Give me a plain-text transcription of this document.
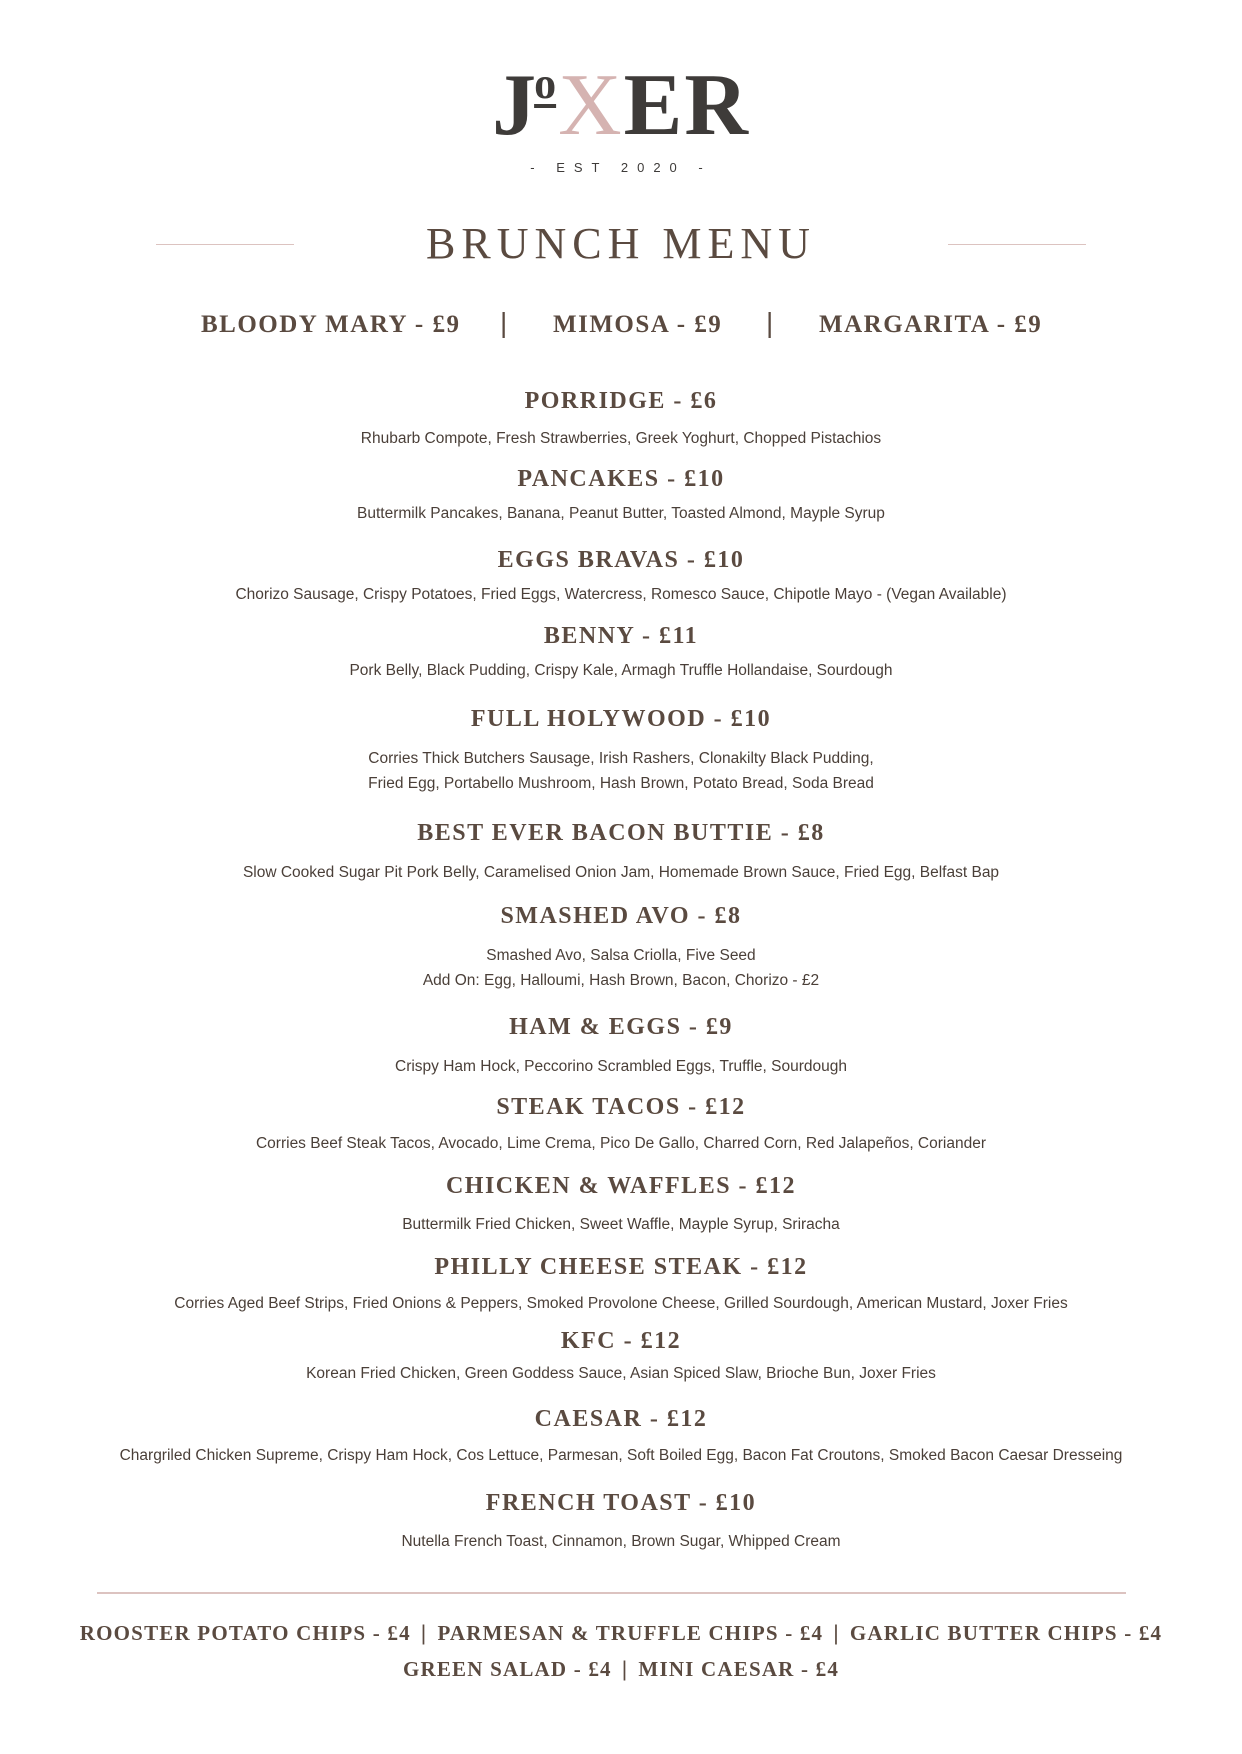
JoXER
- EST 2020 -
BRUNCH MENU
BLOODY MARY - £9 | MIMOSA - £9 | MARGARITA - £9
PORRIDGE - £6
Rhubarb Compote, Fresh Strawberries, Greek Yoghurt, Chopped Pistachios
PANCAKES - £10
Buttermilk Pancakes, Banana, Peanut Butter, Toasted Almond, Mayple Syrup
EGGS BRAVAS - £10
Chorizo Sausage, Crispy Potatoes, Fried Eggs, Watercress, Romesco Sauce, Chipotle Mayo - (Vegan Available)
BENNY - £11
Pork Belly, Black Pudding, Crispy Kale, Armagh Truffle Hollandaise, Sourdough
FULL HOLYWOOD - £10
Corries Thick Butchers Sausage, Irish Rashers, Clonakilty Black Pudding,
Fried Egg, Portabello Mushroom, Hash Brown, Potato Bread, Soda Bread
BEST EVER BACON BUTTIE - £8
Slow Cooked Sugar Pit Pork Belly, Caramelised Onion Jam, Homemade Brown Sauce, Fried Egg, Belfast Bap
SMASHED AVO - £8
Smashed Avo, Salsa Criolla, Five Seed
Add On: Egg, Halloumi, Hash Brown, Bacon, Chorizo - £2
HAM & EGGS - £9
Crispy Ham Hock, Peccorino Scrambled Eggs, Truffle, Sourdough
STEAK TACOS - £12
Corries Beef Steak Tacos, Avocado, Lime Crema, Pico De Gallo, Charred Corn, Red Jalapeños, Coriander
CHICKEN & WAFFLES - £12
Buttermilk Fried Chicken, Sweet Waffle, Mayple Syrup, Sriracha
PHILLY CHEESE STEAK - £12
Corries Aged Beef Strips, Fried Onions & Peppers, Smoked Provolone Cheese, Grilled Sourdough, American Mustard, Joxer Fries
KFC - £12
Korean Fried Chicken, Green Goddess Sauce, Asian Spiced Slaw, Brioche Bun, Joxer Fries
CAESAR - £12
Chargriled Chicken Supreme, Crispy Ham Hock, Cos Lettuce, Parmesan, Soft Boiled Egg, Bacon Fat Croutons, Smoked Bacon Caesar Dresseing
FRENCH TOAST - £10
Nutella French Toast, Cinnamon, Brown Sugar, Whipped Cream
ROOSTER POTATO CHIPS - £4 | PARMESAN & TRUFFLE CHIPS - £4 | GARLIC BUTTER CHIPS - £4
GREEN SALAD - £4 | MINI CAESAR - £4
